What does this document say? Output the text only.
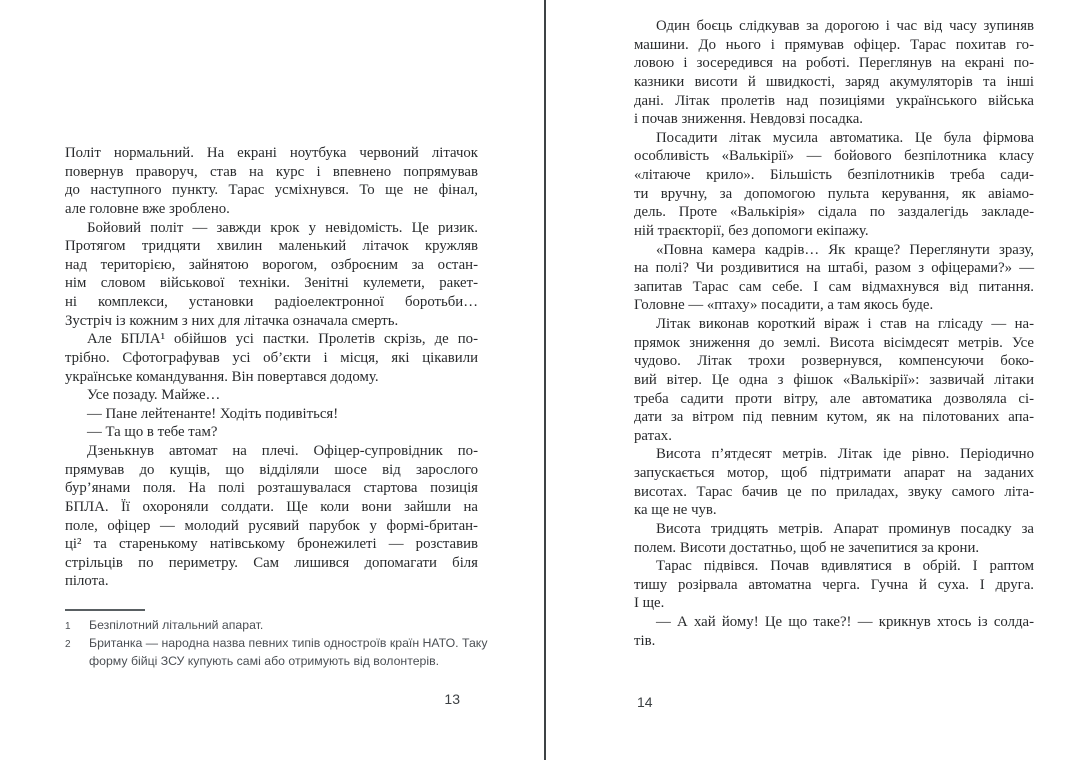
Політ нормальний. На екрані ноутбука червоний літачок
повернув праворуч, став на курс і впевнено попрямував
до наступного пункту. Тарас усміхнувся. То ще не фінал,
але головне вже зроблено.
Бойовий політ — завжди крок у невідомість. Це ризик.
Протягом тридцяти хвилин маленький літачок кружляв
над територією, зайнятою ворогом, озброєним за остан-
нім словом військової техніки. Зенітні кулемети, ракет-
ні комплекси, установки радіоелектронної боротьби…
Зустріч із кожним з них для літачка означала смерть.
Але БПЛА¹ обійшов усі пастки. Пролетів скрізь, де по-
трібно. Сфотографував усі об’єкти і місця, які цікавили
українське командування. Він повертався додому.
Усе позаду. Майже…
— Пане лейтенанте! Ходіть подивіться!
— Та що в тебе там?
Дзенькнув автомат на плечі. Офіцер-супровідник по-
прямував до кущів, що відділяли шосе від зарослого
бур’янами поля. На полі розташувалася стартова позиція
БПЛА. Її охороняли солдати. Ще коли вони зайшли на
поле, офіцер — молодий русявий парубок у формі-британ-
ці² та старенькому натівському бронежилеті — розставив
стрільців по периметру. Сам лишився допомагати біля
пілота.
1	Безпілотний літальний апарат.
2	Британка — народна назва певних типів одностроїв країн НАТО. Таку
форму бійці ЗСУ купують самі або отримують від волонтерів.
13
Один боєць слідкував за дорогою і час від часу зупиняв
машини. До нього і прямував офіцер. Тарас похитав го-
ловою і зосередився на роботі. Переглянув на екрані по-
казники висоти й швидкості, заряд акумуляторів та інші
дані. Літак пролетів над позиціями українського війська
і почав зниження. Невдовзі посадка.
Посадити літак мусила автоматика. Це була фірмова
особливість «Валькірії» — бойового безпілотника класу
«літаюче крило». Більшість безпілотників треба сади-
ти вручну, за допомогою пульта керування, як авіамо-
дель. Проте «Валькірія» сідала по заздалегідь закладе-
ній траєкторії, без допомоги екіпажу.
«Повна камера кадрів… Як краще? Переглянути зразу,
на полі? Чи роздивитися на штабі, разом з офіцерами?» —
запитав Тарас сам себе. І сам відмахнувся від питання.
Головне — «птаху» посадити, а там якось буде.
Літак виконав короткий віраж і став на глісаду — на-
прямок зниження до землі. Висота вісімдесят метрів. Усе
чудово. Літак трохи розвернувся, компенсуючи боко-
вий вітер. Це одна з фішок «Валькірії»: зазвичай літаки
треба садити проти вітру, але автоматика дозволяла сі-
дати за вітром під певним кутом, як на пілотованих апа-
ратах.
Висота п’ятдесят метрів. Літак іде рівно. Періодично
запускається мотор, щоб підтримати апарат на заданих
висотах. Тарас бачив це по приладах, звуку самого літа-
ка ще не чув.
Висота тридцять метрів. Апарат проминув посадку за
полем. Висоти достатньо, щоб не зачепитися за крони.
Тарас підвівся. Почав вдивлятися в обрій. І раптом
тишу розірвала автоматна черга. Гучна й суха. І друга.
І ще.
— А хай йому! Це що таке?! — крикнув хтось із солда-
тів.
14
